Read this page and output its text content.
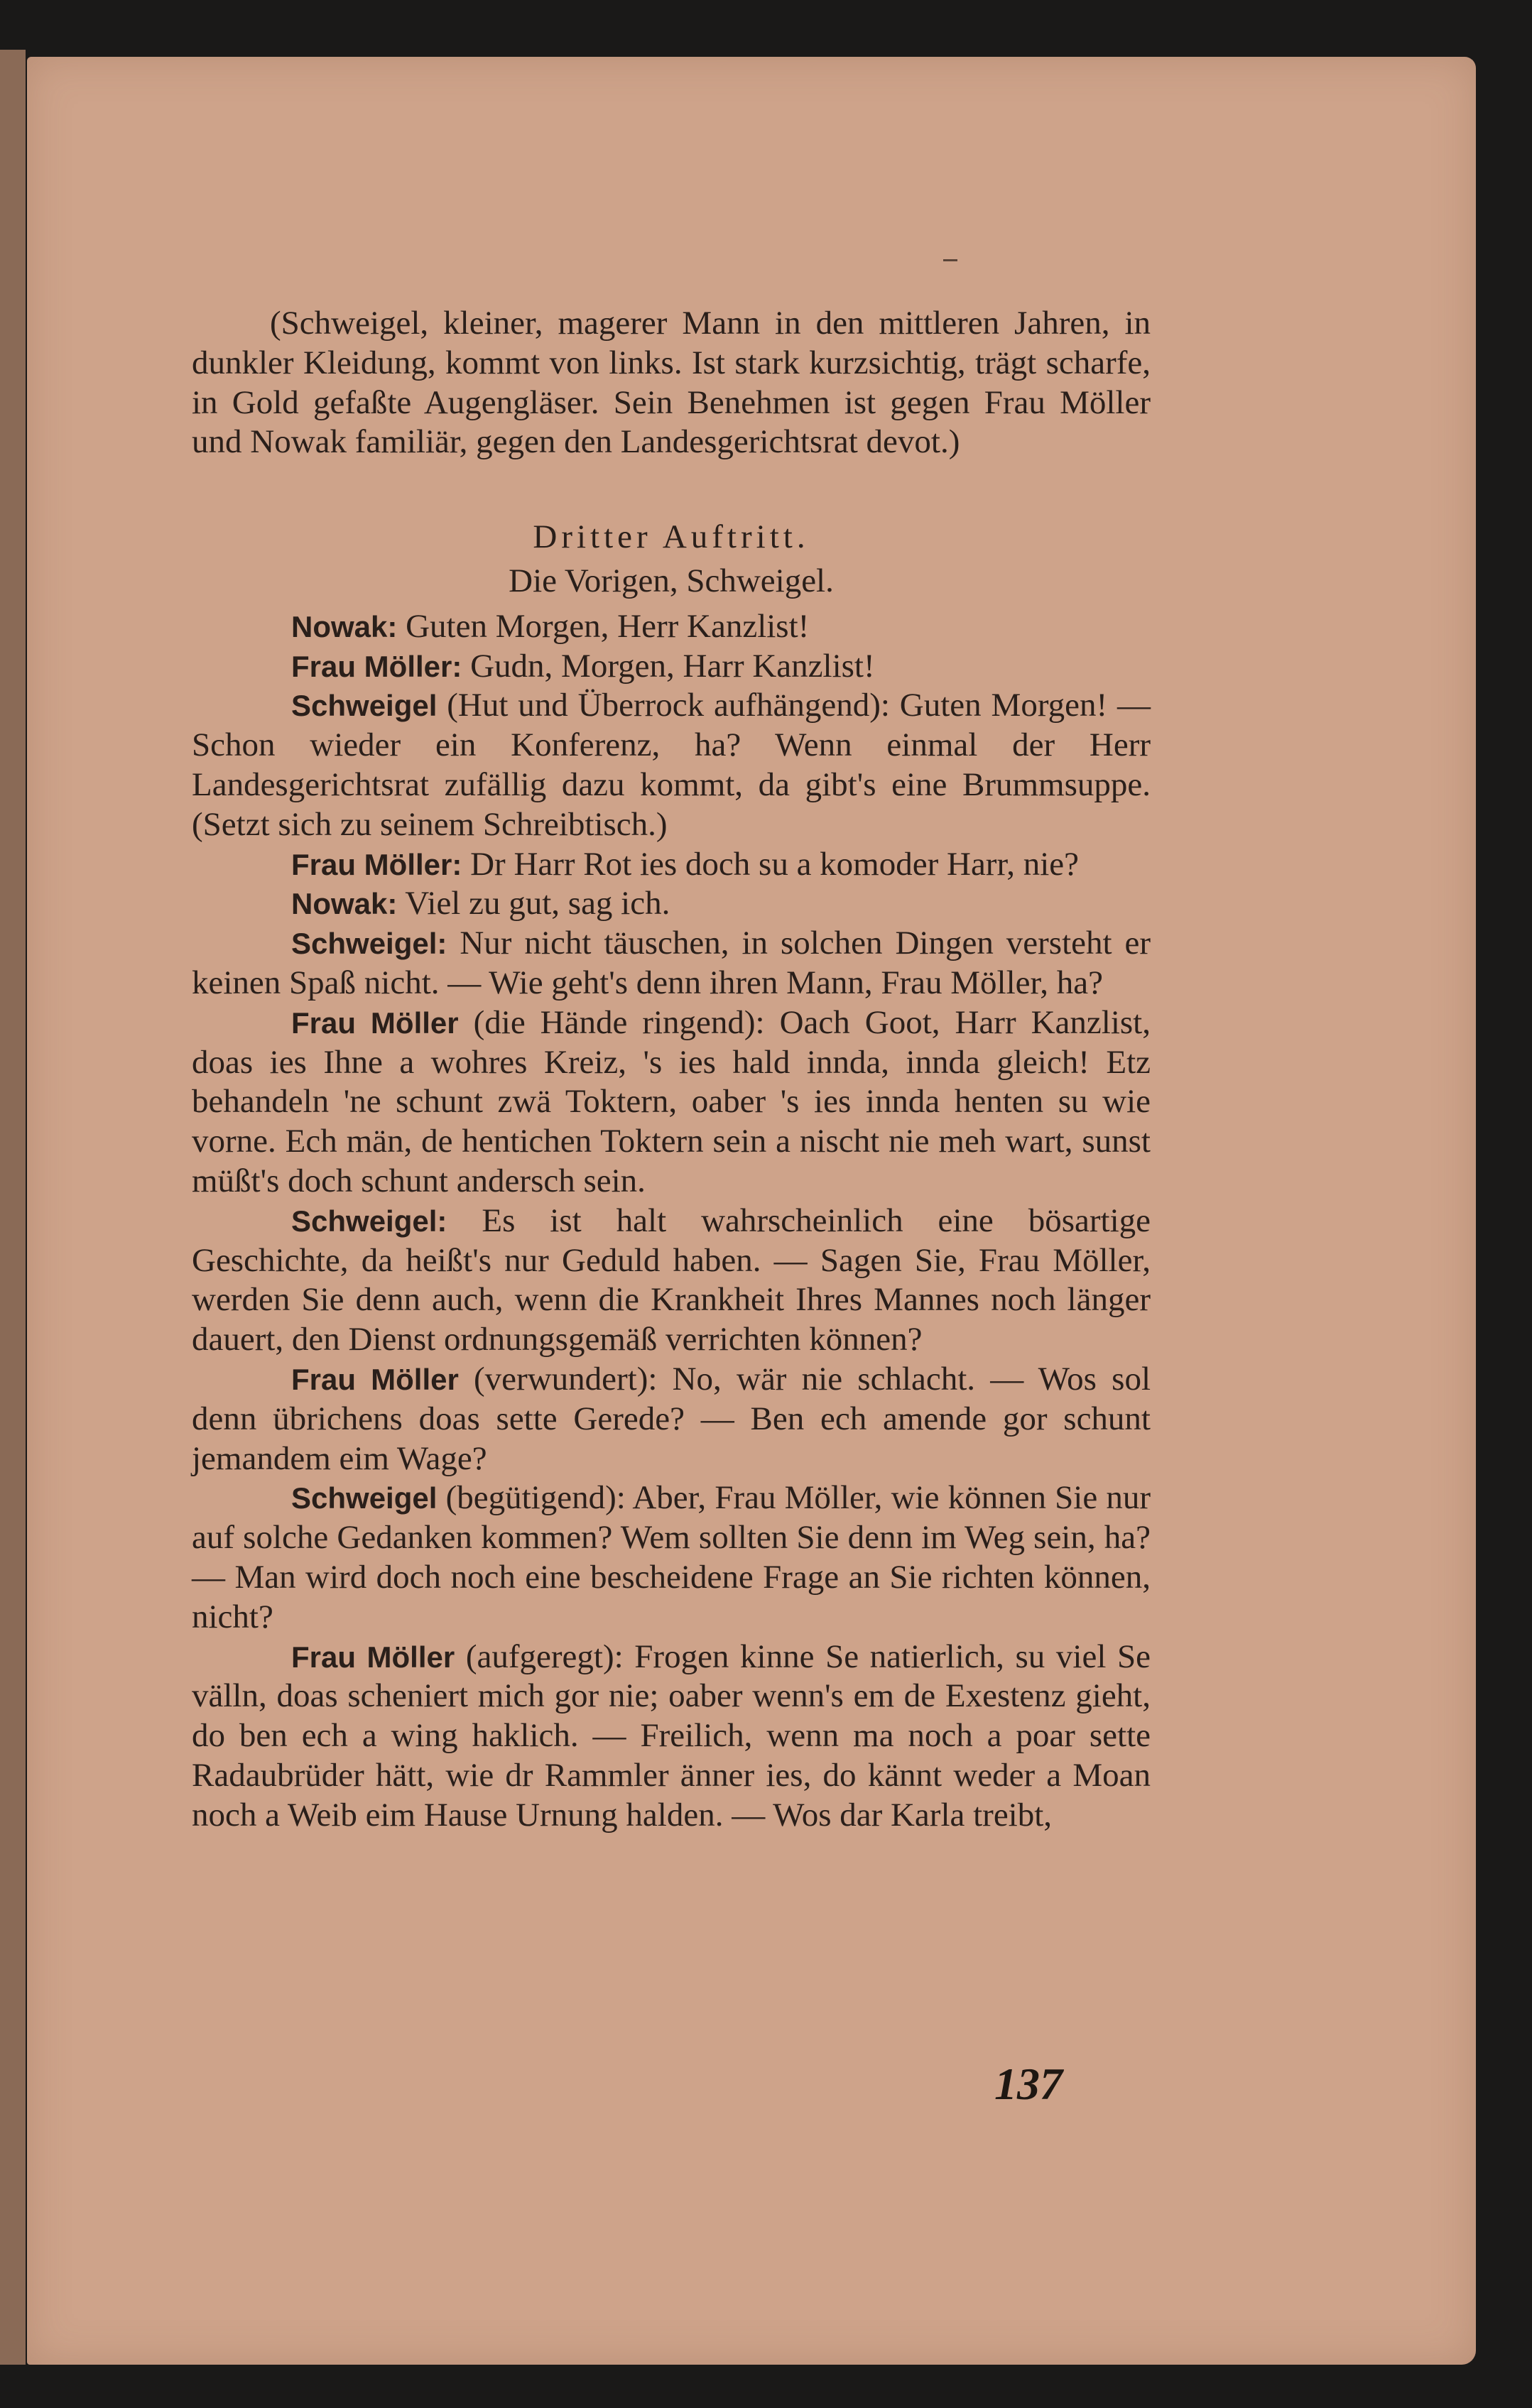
(Schweigel, kleiner, magerer Mann in den mittleren Jahren, in dunkler Kleidung, kommt von links. Ist stark kurzsichtig, trägt scharfe, in Gold gefaßte Augengläser. Sein Benehmen ist gegen Frau Möller und Nowak familiär, gegen den Landesgerichtsrat devot.)

Dritter Auftritt.

Die Vorigen, Schweigel.

Nowak: Guten Morgen, Herr Kanzlist!

Frau Möller: Gudn, Morgen, Harr Kanzlist!

Schweigel (Hut und Überrock aufhängend): Guten Morgen! — Schon wieder ein Konferenz, ha? Wenn einmal der Herr Landesgerichtsrat zufällig dazu kommt, da gibt's eine Brummsuppe. (Setzt sich zu seinem Schreibtisch.)

Frau Möller: Dr Harr Rot ies doch su a komoder Harr, nie?

Nowak: Viel zu gut, sag ich.

Schweigel: Nur nicht täuschen, in solchen Dingen versteht er keinen Spaß nicht. — Wie geht's denn ihren Mann, Frau Möller, ha?

Frau Möller (die Hände ringend): Oach Goot, Harr Kanzlist, doas ies Ihne a wohres Kreiz, 's ies hald innda, innda gleich! Etz behandeln 'ne schunt zwä Toktern, oaber 's ies innda henten su wie vorne. Ech män, de hentichen Toktern sein a nischt nie meh wart, sunst müßt's doch schunt andersch sein.

Schweigel: Es ist halt wahrscheinlich eine bösartige Geschichte, da heißt's nur Geduld haben. — Sagen Sie, Frau Möller, werden Sie denn auch, wenn die Krankheit Ihres Mannes noch länger dauert, den Dienst ordnungsgemäß verrichten können?

Frau Möller (verwundert): No, wär nie schlacht. — Wos sol denn übrichens doas sette Gerede? — Ben ech amende gor schunt jemandem eim Wage?

Schweigel (begütigend): Aber, Frau Möller, wie können Sie nur auf solche Gedanken kommen? Wem sollten Sie denn im Weg sein, ha? — Man wird doch noch eine bescheidene Frage an Sie richten können, nicht?

Frau Möller (aufgeregt): Frogen kinne Se natierlich, su viel Se välln, doas scheniert mich gor nie; oaber wenn's em de Exestenz gieht, do ben ech a wing haklich. — Freilich, wenn ma noch a poar sette Radaubrüder hätt, wie dr Rammler änner ies, do kännt weder a Moan noch a Weib eim Hause Urnung halden. — Wos dar Karla treibt,

137
